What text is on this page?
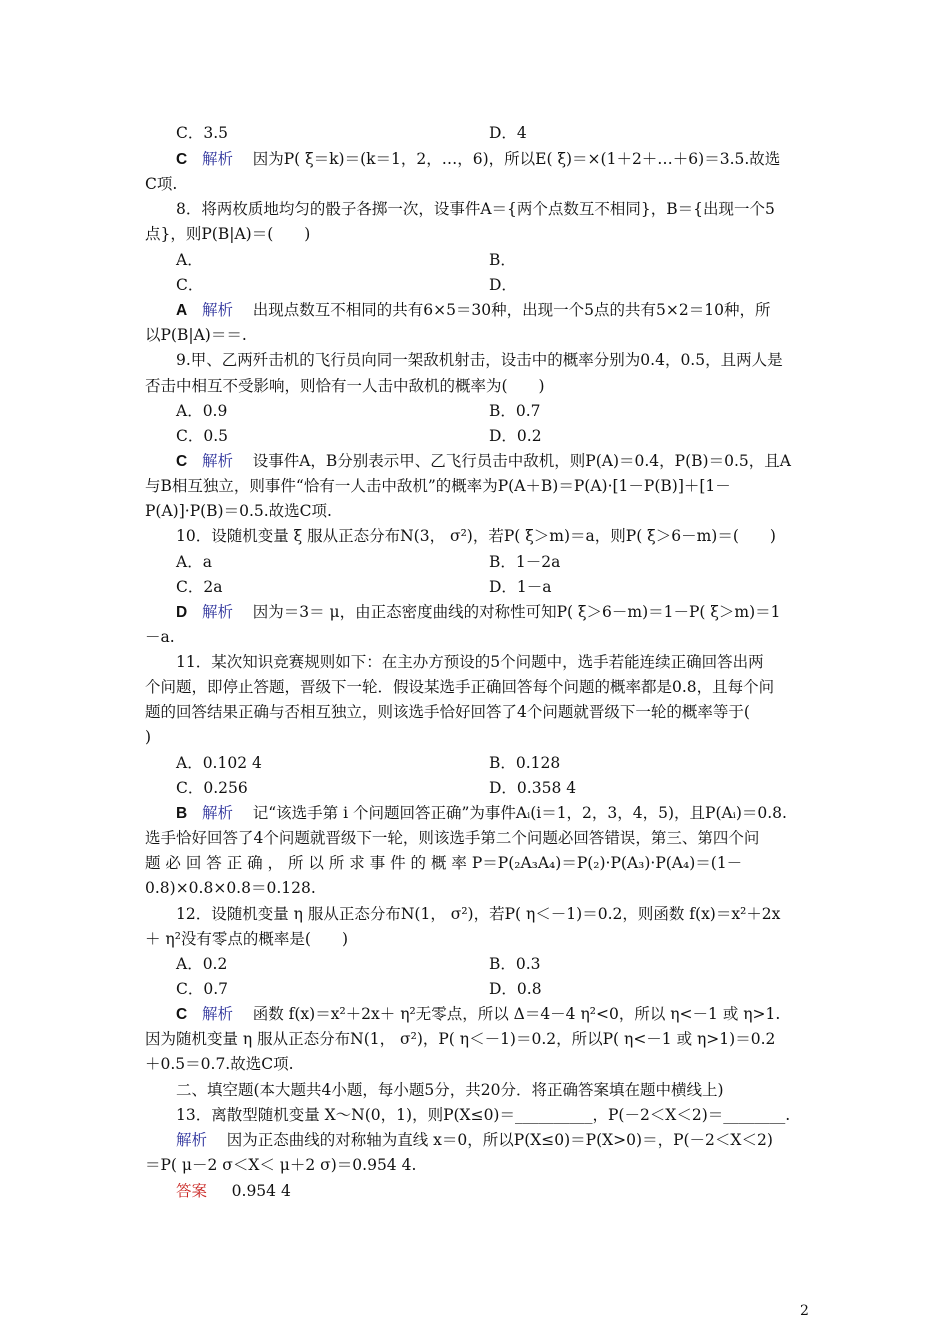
C．3.5	D．4
C 解析 因为P( ξ＝k)＝(k＝1，2，…，6)，所以E( ξ)＝×(1＋2＋…＋6)＝3.5.故选
C项.
8．将两枚质地均匀的骰子各掷一次，设事件A＝{两个点数互不相同}，B＝{出现一个5
点}，则P(B|A)＝(　　)
A．	B．
C．	D．
A 解析 出现点数互不相同的共有6×5＝30种，出现一个5点的共有5×2＝10种，所
以P(B|A)＝＝.
9.甲、乙两歼击机的飞行员向同一架敌机射击，设击中的概率分别为0.4，0.5，且两人是
否击中相互不受影响，则恰有一人击中敌机的概率为(　　)
A．0.9	B．0.7
C．0.5	D．0.2
C 解析 设事件A，B分别表示甲、乙飞行员击中敌机，则P(A)＝0.4，P(B)＝0.5，且A
与B相互独立，则事件“恰有一人击中敌机”的概率为P(A＋B)＝P(A)·[1－P(B)]＋[1－
P(A)]·P(B)＝0.5.故选C项.
10．设随机变量 ξ 服从正态分布N(3， σ²)，若P( ξ＞m)＝a，则P( ξ＞6－m)＝(　　)
A．a	B．1－2a
C．2a	D．1－a
D 解析 因为＝3＝ μ，由正态密度曲线的对称性可知P( ξ＞6－m)＝1－P( ξ＞m)＝1
－a.
11．某次知识竞赛规则如下：在主办方预设的5个问题中，选手若能连续正确回答出两
个问题，即停止答题，晋级下一轮．假设某选手正确回答每个问题的概率都是0.8，且每个问
题的回答结果正确与否相互独立，则该选手恰好回答了4个问题就晋级下一轮的概率等于(
)
A．0.102 4	B．0.128
C．0.256	D．0.358 4
B 解析 记“该选手第 i 个问题回答正确”为事件Aᵢ(i＝1，2，3，4，5)，且P(Aᵢ)＝0.8.
选手恰好回答了4个问题就晋级下一轮，则该选手第二个问题必回答错误，第三、第四个问
题 必 回 答 正 确 ， 所 以 所 求 事 件 的 概 率 P＝P(₂A₃A₄)＝P(₂)·P(A₃)·P(A₄)＝(1－
0.8)×0.8×0.8＝0.128.
12．设随机变量 η 服从正态分布N(1， σ²)，若P( η＜－1)＝0.2，则函数 f(x)＝x²＋2x
＋ η²没有零点的概率是(　　)
A．0.2	B．0.3
C．0.7	D．0.8
C 解析 函数 f(x)＝x²＋2x＋ η²无零点，所以 Δ＝4－4 η²<0，所以 η<－1 或 η>1.
因为随机变量 η 服从正态分布N(1， σ²)，P( η＜－1)＝0.2，所以P( η<－1 或 η>1)＝0.2
＋0.5＝0.7.故选C项.
二、填空题(本大题共4小题，每小题5分，共20分．将正确答案填在题中横线上)
13．离散型随机变量 X～N(0，1)，则P(X≤0)＝__________，P(－2＜X＜2)＝________.
解析 因为正态曲线的对称轴为直线 x＝0，所以P(X≤0)＝P(X>0)＝，P(－2＜X＜2)
＝P( μ－2 σ＜X＜ μ＋2 σ)＝0.954 4.
答案 0.954 4
2
